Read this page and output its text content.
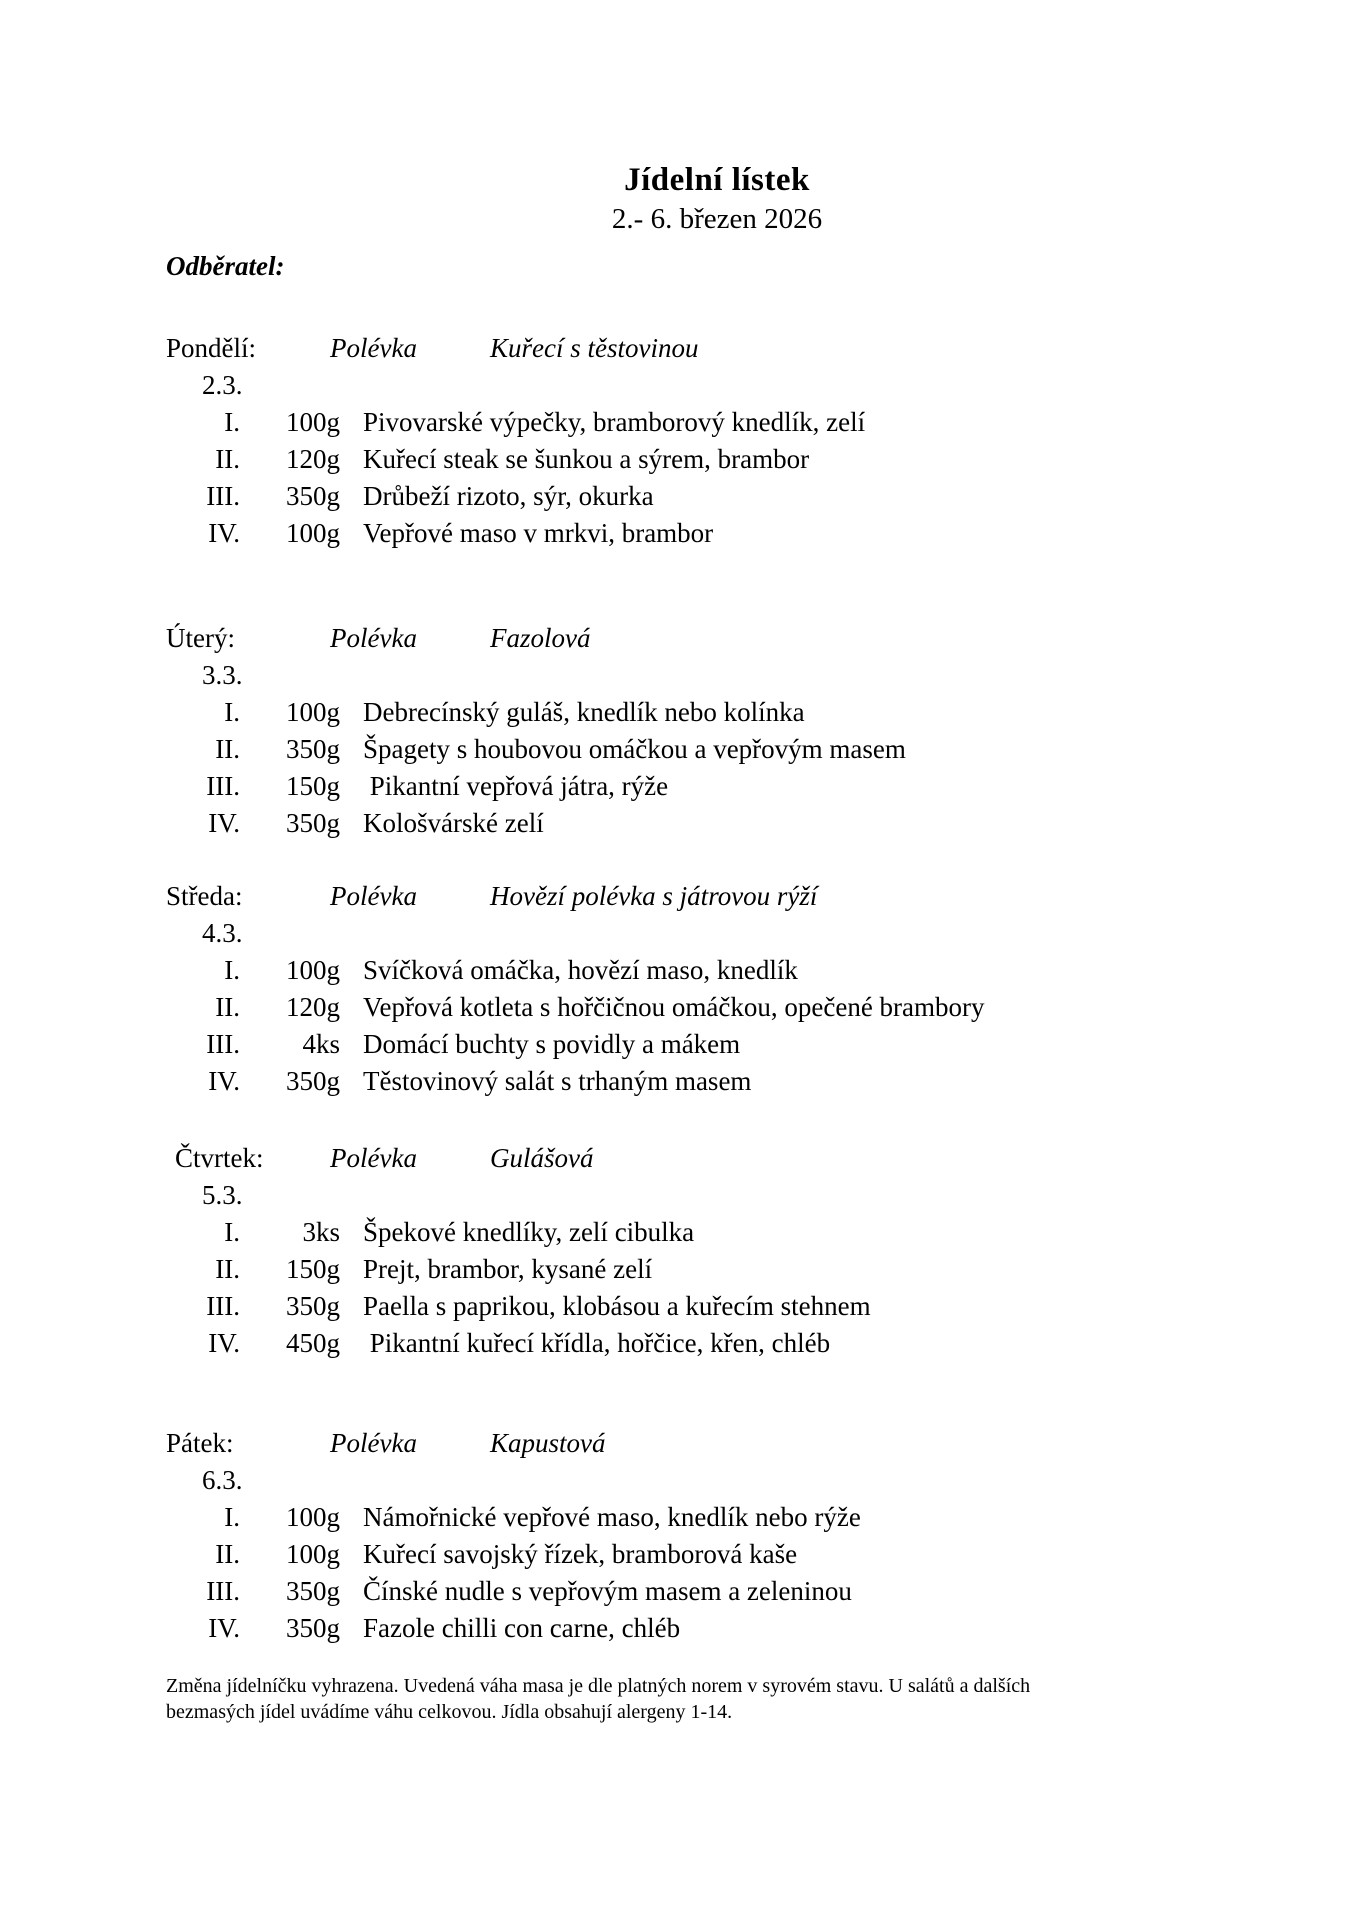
Jídelní lístek
2.- 6. březen 2026
Odběratel:
Pondělí:	Polévka	Kuřecí s těstovinou
2.3.
I.	100g Pivovarské výpečky, bramborový knedlík, zelí
II.	120g Kuřecí steak se šunkou a sýrem, brambor
III.	350g Drůbeží rizoto, sýr, okurka
IV.	100g Vepřové maso v mrkvi, brambor
Úterý:	Polévka	Fazolová
3.3.
I.	100g Debrecínský guláš, knedlík nebo kolínka
II.	350g Špagety s houbovou omáčkou a vepřovým masem
III.	150g Pikantní vepřová játra, rýže
IV.	350g Kološvárské zelí
Středa:	Polévka	Hovězí polévka s játrovou rýží
4.3.
I.	100g Svíčková omáčka, hovězí maso, knedlík
II.	120g Vepřová kotleta s hořčičnou omáčkou, opečené brambory
III.	4ks Domácí buchty s povidly a mákem
IV.	350g Těstovinový salát s trhaným masem
Čtvrtek:	Polévka	Gulášová
5.3.
I.	3ks Špekové knedlíky, zelí cibulka
II.	150g Prejt, brambor, kysané zelí
III.	350g Paella s paprikou, klobásou a kuřecím stehnem
IV.	450g Pikantní kuřecí křídla, hořčice, křen, chléb
Pátek:	Polévka	Kapustová
6.3.
I.	100g Námořnické vepřové maso, knedlík nebo rýže
II.	100g Kuřecí savojský řízek, bramborová kaše
III.	350g Čínské nudle s vepřovým masem a zeleninou
IV.	350g Fazole chilli con carne, chléb
Změna jídelníčku vyhrazena. Uvedená váha masa je dle platných norem v syrovém stavu. U salátů a dalších
bezmasých jídel uvádíme váhu celkovou. Jídla obsahují alergeny 1-14.
